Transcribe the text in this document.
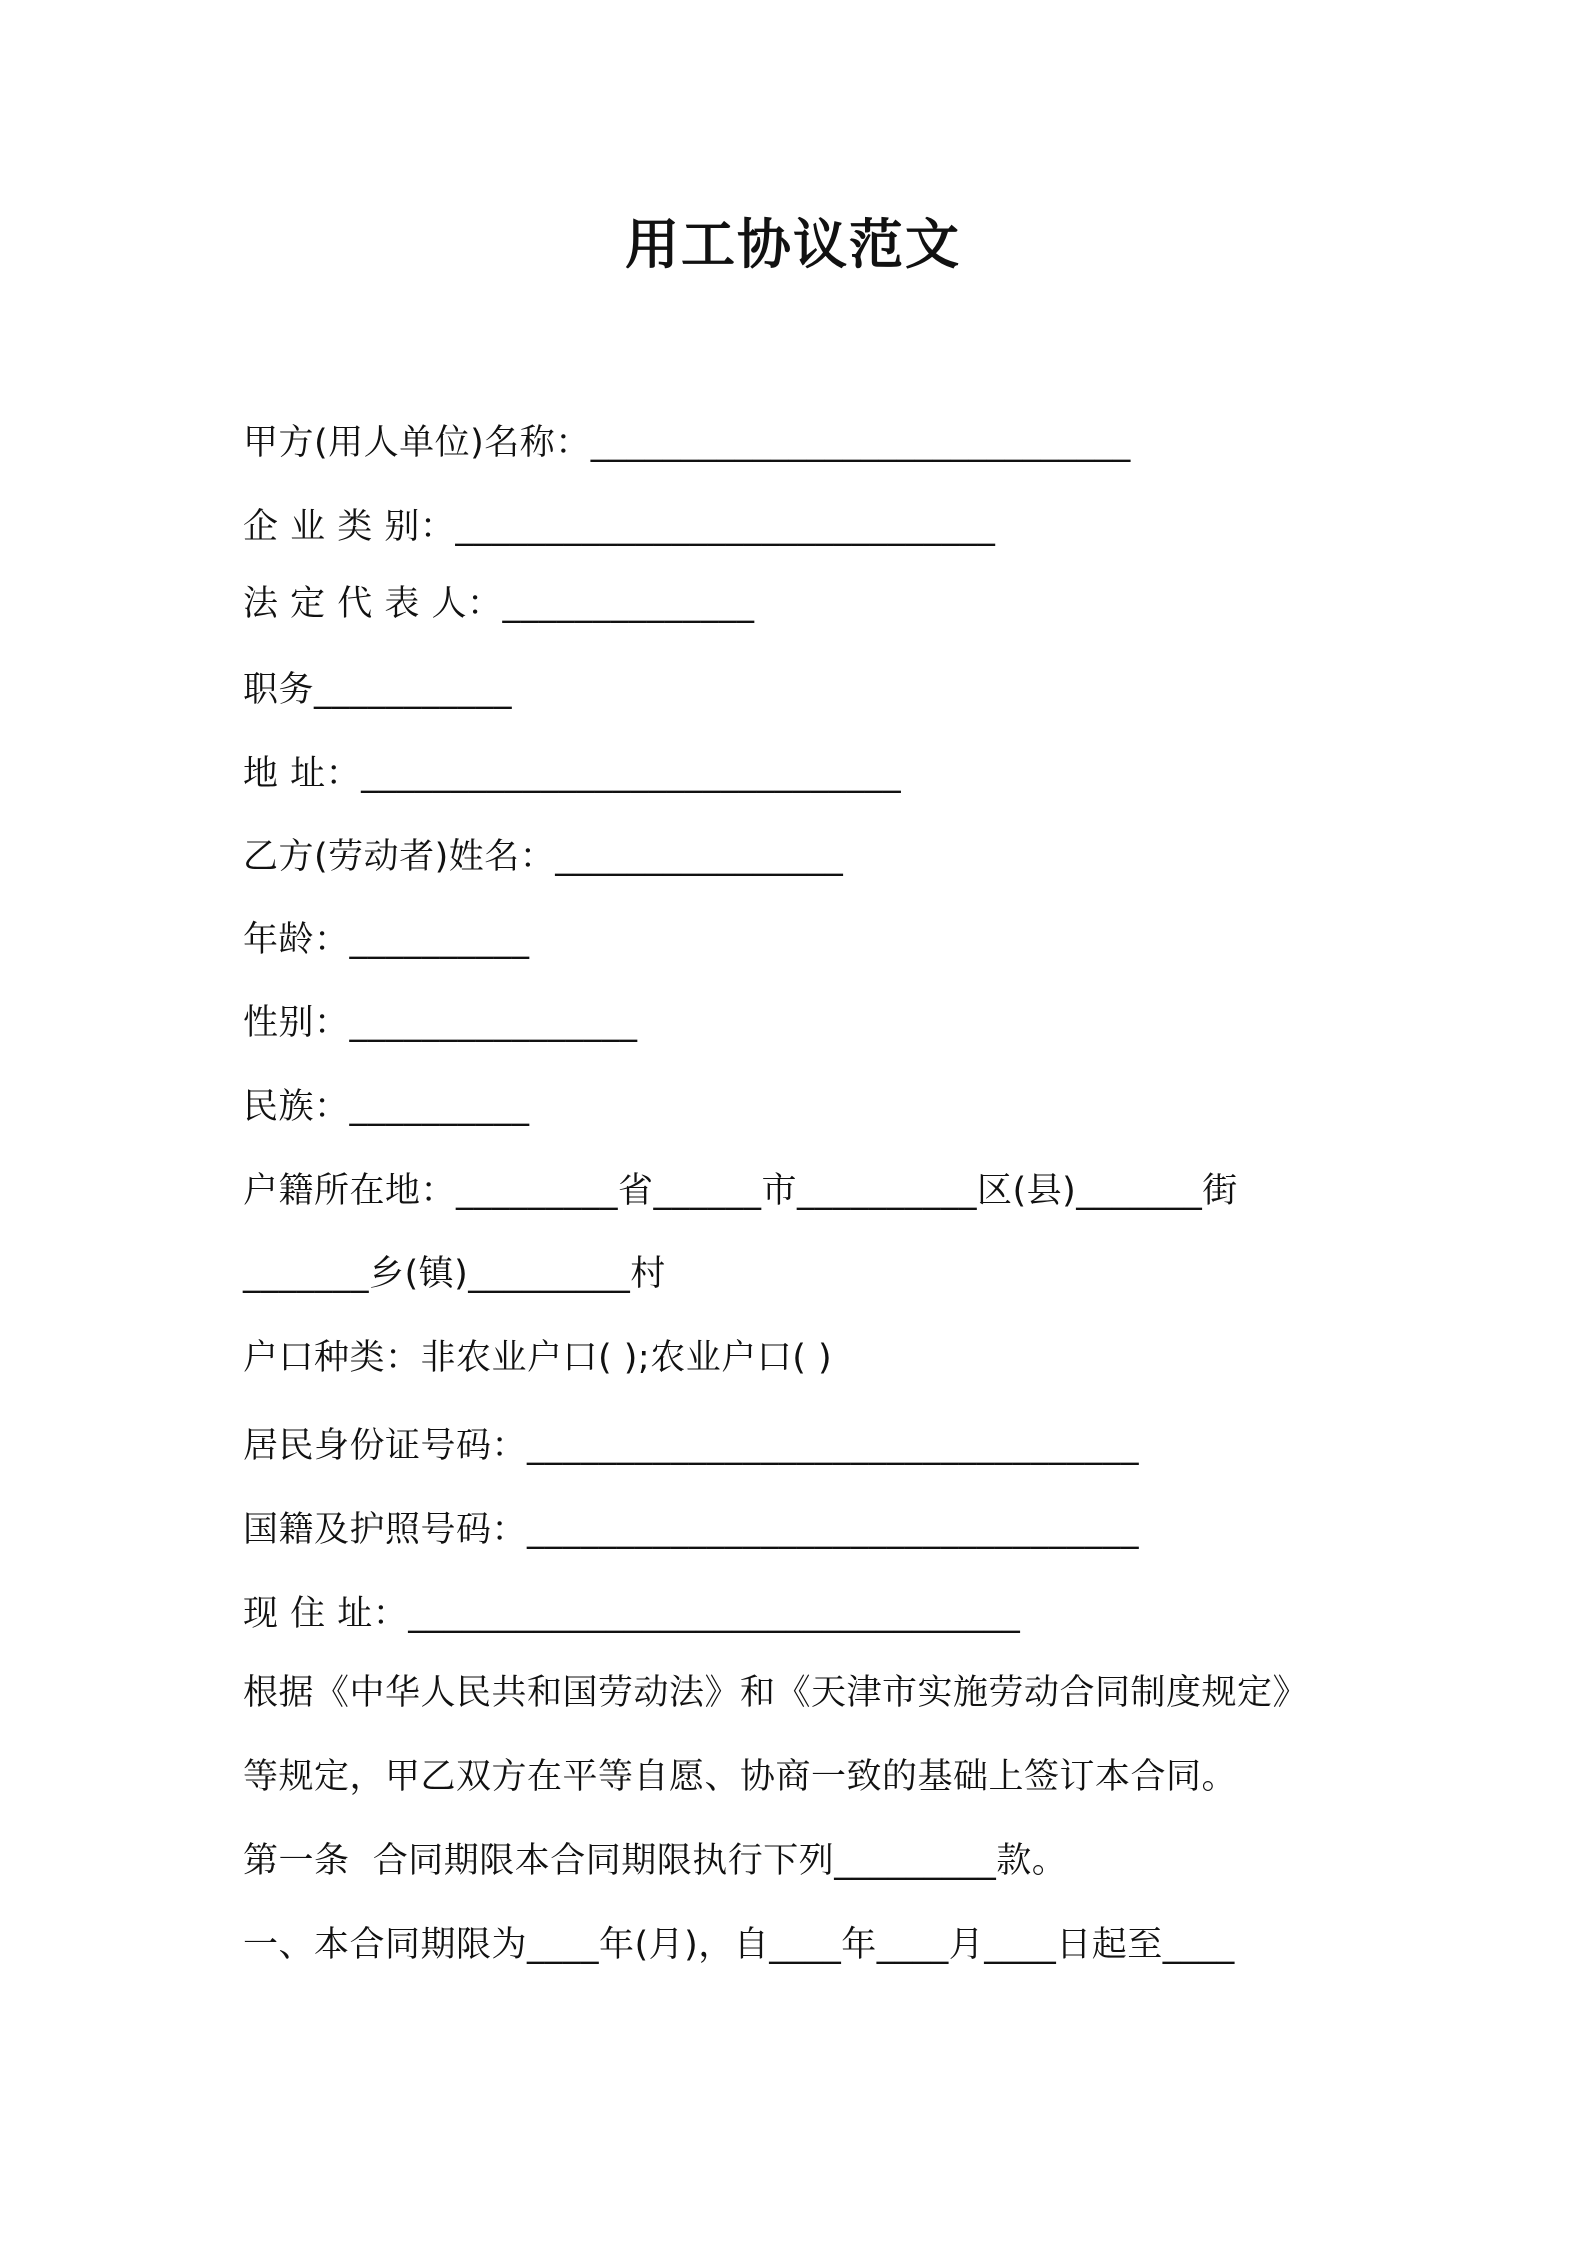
用工协议范文
甲方(用人单位)名称：______________________________
企 业 类 别：______________________________
法 定 代 表 人：______________
职务___________
地 址：______________________________
乙方(劳动者)姓名：________________
年龄：__________
性别：________________
民族：__________
户籍所在地：_________省______市__________区(县)_______街
_______乡(镇)_________村
户口种类：非农业户口( );农业户口( )
居民身份证号码：__________________________________
国籍及护照号码：__________________________________
现 住 址：__________________________________
根据《中华人民共和国劳动法》和《天津市实施劳动合同制度规定》
等规定，甲乙双方在平等自愿、协商一致的基础上签订本合同。
第一条  合同期限本合同期限执行下列_________款。
一、本合同期限为____年(月)，自____年____月____日起至____
